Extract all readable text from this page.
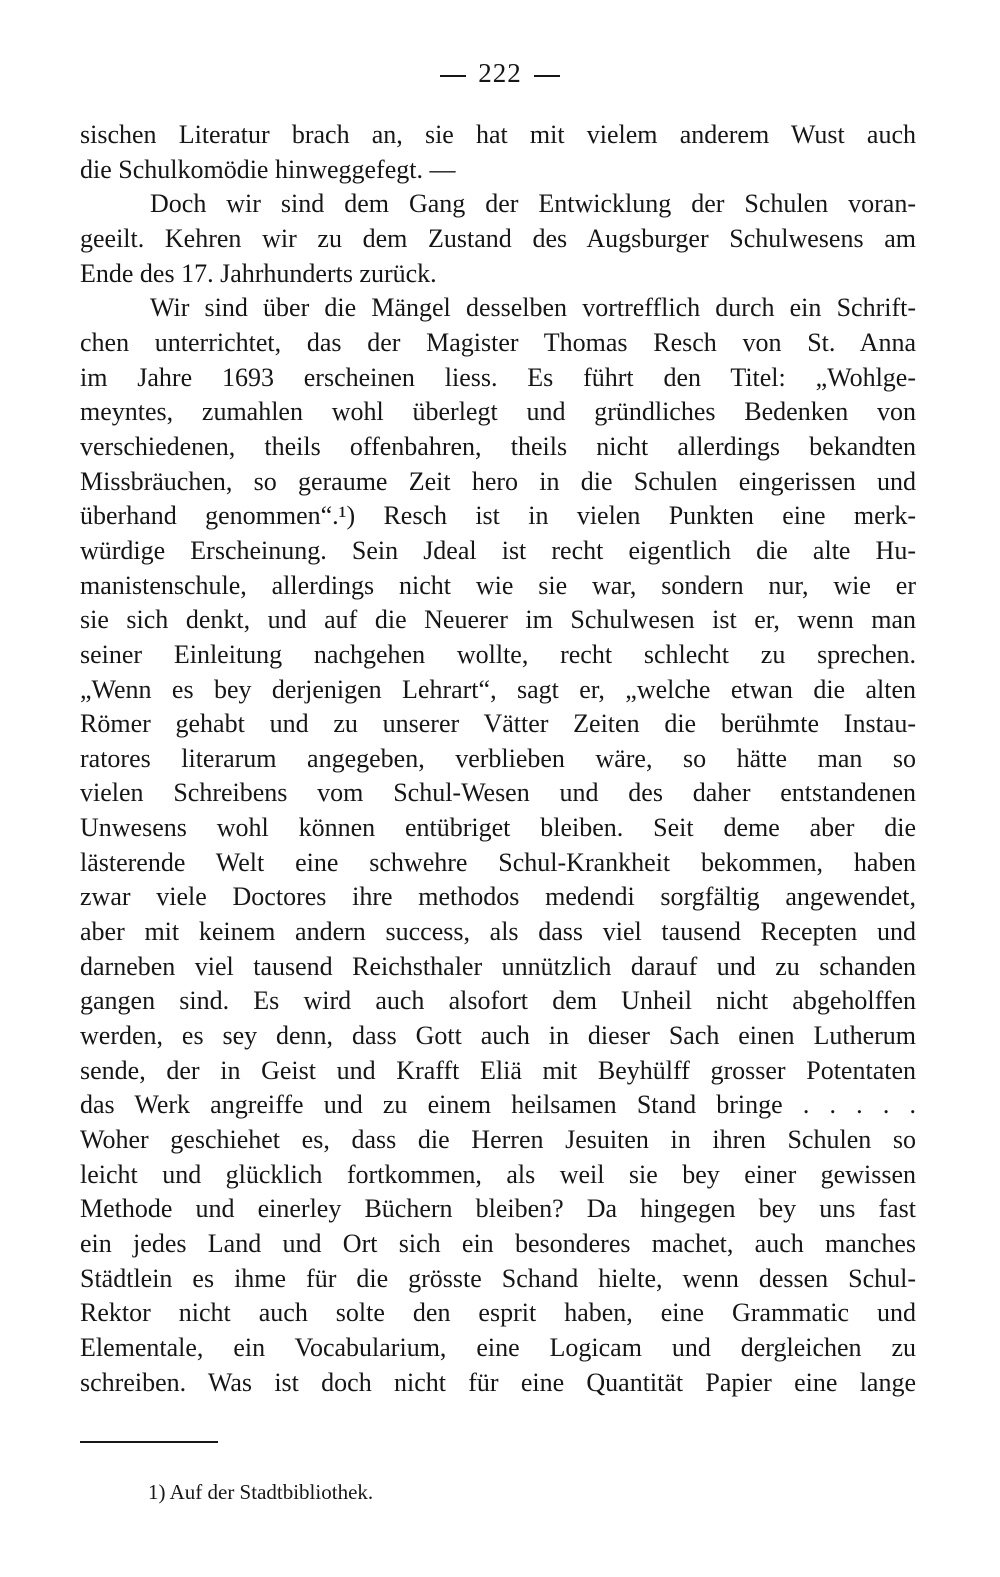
222
sischen Literatur brach an, sie hat mit vielem anderem Wust auch
die Schulkomödie hinweggefegt. —
Doch wir sind dem Gang der Entwicklung der Schulen voran-
geeilt. Kehren wir zu dem Zustand des Augsburger Schulwesens am
Ende des 17. Jahrhunderts zurück.
Wir sind über die Mängel desselben vortrefflich durch ein Schrift-
chen unterrichtet, das der Magister Thomas Resch von St. Anna
im Jahre 1693 erscheinen liess. Es führt den Titel: „Wohlge-
meyntes, zumahlen wohl überlegt und gründliches Bedenken von
verschiedenen, theils offenbahren, theils nicht allerdings bekandten
Missbräuchen, so geraume Zeit hero in die Schulen eingerissen und
überhand genommen“.¹) Resch ist in vielen Punkten eine merk-
würdige Erscheinung. Sein Jdeal ist recht eigentlich die alte Hu-
manistenschule, allerdings nicht wie sie war, sondern nur, wie er
sie sich denkt, und auf die Neuerer im Schulwesen ist er, wenn man
seiner Einleitung nachgehen wollte, recht schlecht zu sprechen.
„Wenn es bey derjenigen Lehrart“, sagt er, „welche etwan die alten
Römer gehabt und zu unserer Vätter Zeiten die berühmte Instau-
ratores literarum angegeben, verblieben wäre, so hätte man so
vielen Schreibens vom Schul-Wesen und des daher entstandenen
Unwesens wohl können entübriget bleiben. Seit deme aber die
lästerende Welt eine schwehre Schul-Krankheit bekommen, haben
zwar viele Doctores ihre methodos medendi sorgfältig angewendet,
aber mit keinem andern success, als dass viel tausend Recepten und
darneben viel tausend Reichsthaler unnützlich darauf und zu schanden
gangen sind. Es wird auch alsofort dem Unheil nicht abgeholffen
werden, es sey denn, dass Gott auch in dieser Sach einen Lutherum
sende, der in Geist und Krafft Eliä mit Beyhülff grosser Potentaten
das Werk angreiffe und zu einem heilsamen Stand bringe . . . . .
Woher geschiehet es, dass die Herren Jesuiten in ihren Schulen so
leicht und glücklich fortkommen, als weil sie bey einer gewissen
Methode und einerley Büchern bleiben? Da hingegen bey uns fast
ein jedes Land und Ort sich ein besonderes machet, auch manches
Städtlein es ihme für die grösste Schand hielte, wenn dessen Schul-
Rektor nicht auch solte den esprit haben, eine Grammatic und
Elementale, ein Vocabularium, eine Logicam und dergleichen zu
schreiben. Was ist doch nicht für eine Quantität Papier eine lange
1) Auf der Stadtbibliothek.
